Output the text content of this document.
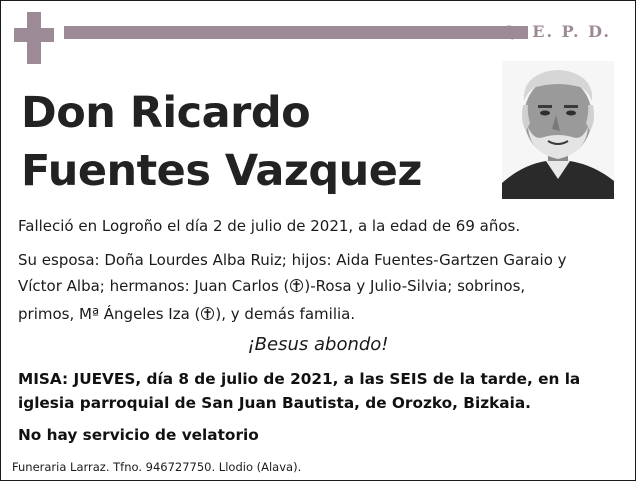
Q. E. P. D.
Don Ricardo
Fuentes Vazquez
Falleció en Logroño el día 2 de julio de 2021, a la edad de 69 años.
Su esposa: Doña Lourdes Alba Ruiz; hijos: Aida Fuentes-Gartzen Garaio y
Víctor Alba; hermanos: Juan Carlos ( )-Rosa y Julio-Silvia; sobrinos,
primos, Mª Ángeles Iza ( ), y demás familia.
¡Besus abondo!
MISA: JUEVES, día 8 de julio de 2021, a las SEIS de la tarde, en la
iglesia parroquial de San Juan Bautista, de Orozko, Bizkaia.
No hay servicio de velatorio
Funeraria Larraz. Tfno. 946727750. Llodio (Alava).
